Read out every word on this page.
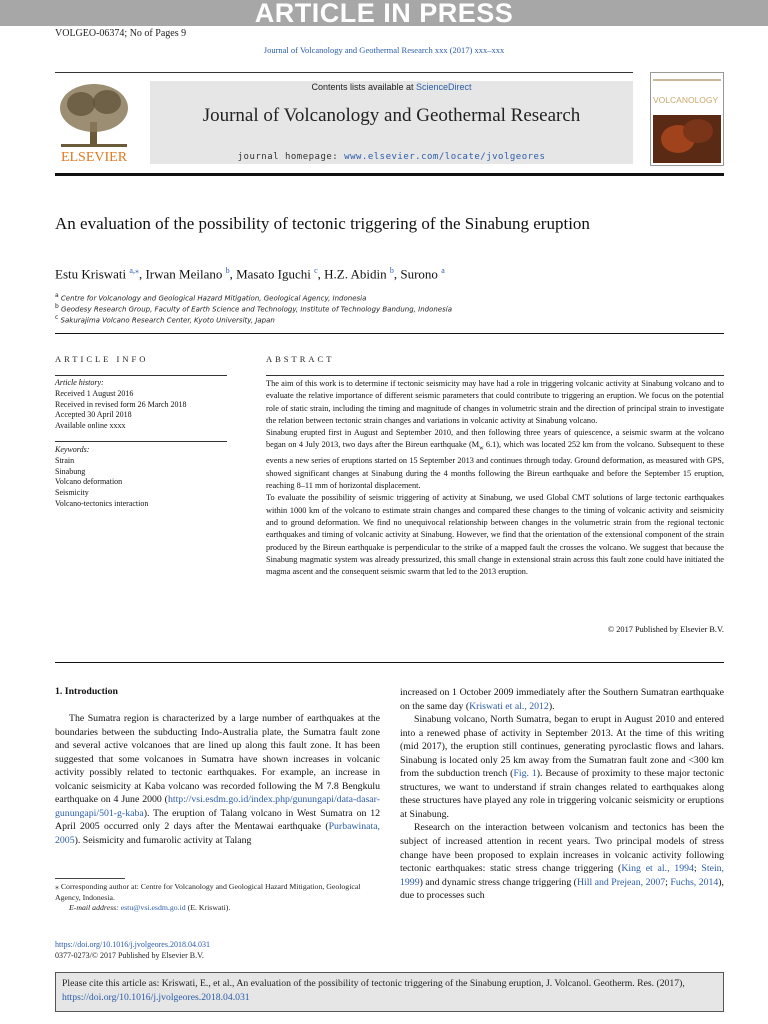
ARTICLE IN PRESS
VOLGEO-06374; No of Pages 9
Journal of Volcanology and Geothermal Research xxx (2017) xxx–xxx
ELSEVIER
Contents lists available at ScienceDirect
Journal of Volcanology and Geothermal Research
journal homepage: www.elsevier.com/locate/jvolgeores
VOLCANOLOGY
An evaluation of the possibility of tectonic triggering of the Sinabung eruption
Estu Kriswati $^{a,⁎}$, Irwan Meilano $^b$, Masato Iguchi $^c$, H.Z. Abidin $^b$, Surono $^a$
$^a$ Centre for Volcanology and Geological Hazard Mitigation, Geological Agency, Indonesia
$^b$ Geodesy Research Group, Faculty of Earth Science and Technology, Institute of Technology Bandung, Indonesia
$^c$ Sakurajima Volcano Research Center, Kyoto University, Japan
ARTICLE INFO
Article history:
Received 1 August 2016
Received in revised form 26 March 2018
Accepted 30 April 2018
Available online xxxx
Keywords:
Strain
Sinabung
Volcano deformation
Seismicity
Volcano-tectonics interaction
ABSTRACT

The aim of this work is to determine if tectonic seismicity may have had a role in triggering volcanic activity at Sinabung volcano and to evaluate the relative importance of different seismic parameters that could contribute to triggering an eruption. We focus on the potential role of static strain, including the timing and magnitude of changes in volumetric strain and the direction of principal strain to investigate the relation between tectonic strain changes and variations in volcanic activity at Sinabung volcano.

Sinabung erupted first in August and September 2010, and then following three years of quiescence, a seismic swarm at the volcano began on 4 July 2013, two days after the Bireun earthquake ($M_w$ 6.1), which was located 252 km from the volcano. Subsequent to these events a new series of eruptions started on 15 September 2013 and continues through today. Ground deformation, as measured with GPS, showed significant changes at Sinabung during the 4 months following the Bireun earthquake and before the September 15 eruption, reaching 8–11 mm of horizontal displacement.

To evaluate the possibility of seismic triggering of activity at Sinabung, we used Global CMT solutions of large tectonic earthquakes within 1000 km of the volcano to estimate strain changes and compared these changes to the timing of volcanic activity and seismicity and to ground deformation. We find no unequivocal relationship between changes in the volumetric strain from the regional tectonic earthquakes and timing of volcanic activity at Sinabung. However, we find that the orientation of the extensional component of the strain produced by the Bireun earthquake is perpendicular to the strike of a mapped fault the crosses the volcano. We suggest that because the Sinabung magmatic system was already pressurized, this small change in extensional strain across this fault zone could have initiated the magma ascent and the consequent seismic swarm that led to the 2013 eruption.

© 2017 Published by Elsevier B.V.
1. Introduction

The Sumatra region is characterized by a large number of earthquakes at the boundaries between the subducting Indo-Australia plate, the Sumatra fault zone and several active volcanoes that are lined up along this fault zone. It has been suggested that some volcanoes in Sumatra have shown increases in volcanic activity possibly related to tectonic earthquakes. For example, an increase in volcanic seismicity at Kaba volcano was recorded following the M 7.8 Bengkulu earthquake on 4 June 2000 (http://vsi.esdm.go.id/index.php/gunungapi/data-dasar-gunungapi/501-g-kaba). The eruption of Talang volcano in West Sumatra on 12 April 2005 occurred only 2 days after the Mentawai earthquake (Purbawinata, 2005). Seismicity and fumarolic activity at Talang

increased on 1 October 2009 immediately after the Southern Sumatran earthquake on the same day (Kriswati et al., 2012).

Sinabung volcano, North Sumatra, began to erupt in August 2010 and entered into a renewed phase of activity in September 2013. At the time of this writing (mid 2017), the eruption still continues, generating pyroclastic flows and lahars. Sinabung is located only 25 km away from the Sumatran fault zone and <300 km from the subduction trench (Fig. 1). Because of proximity to these major tectonic structures, we want to understand if strain changes related to earthquakes along these structures have played any role in triggering volcanic seismicity or eruptions at Sinabung.

Research on the interaction between volcanism and tectonics has been the subject of increased attention in recent years. Two principal models of stress change have been proposed to explain increases in volcanic activity following tectonic earthquakes: static stress change triggering (King et al., 1994; Stein, 1999) and dynamic stress change triggering (Hill and Prejean, 2007; Fuchs, 2014), due to processes such

⁎ Corresponding author at: Centre for Volcanology and Geological Hazard Mitigation, Geological Agency, Indonesia.
E-mail address: estu@vsi.esdm.go.id (E. Kriswati).
https://doi.org/10.1016/j.jvolgeores.2018.04.031
0377-0273/© 2017 Published by Elsevier B.V.
Please cite this article as: Kriswati, E., et al., An evaluation of the possibility of tectonic triggering of the Sinabung eruption, J. Volcanol. Geotherm. Res. (2017), https://doi.org/10.1016/j.jvolgeores.2018.04.031
